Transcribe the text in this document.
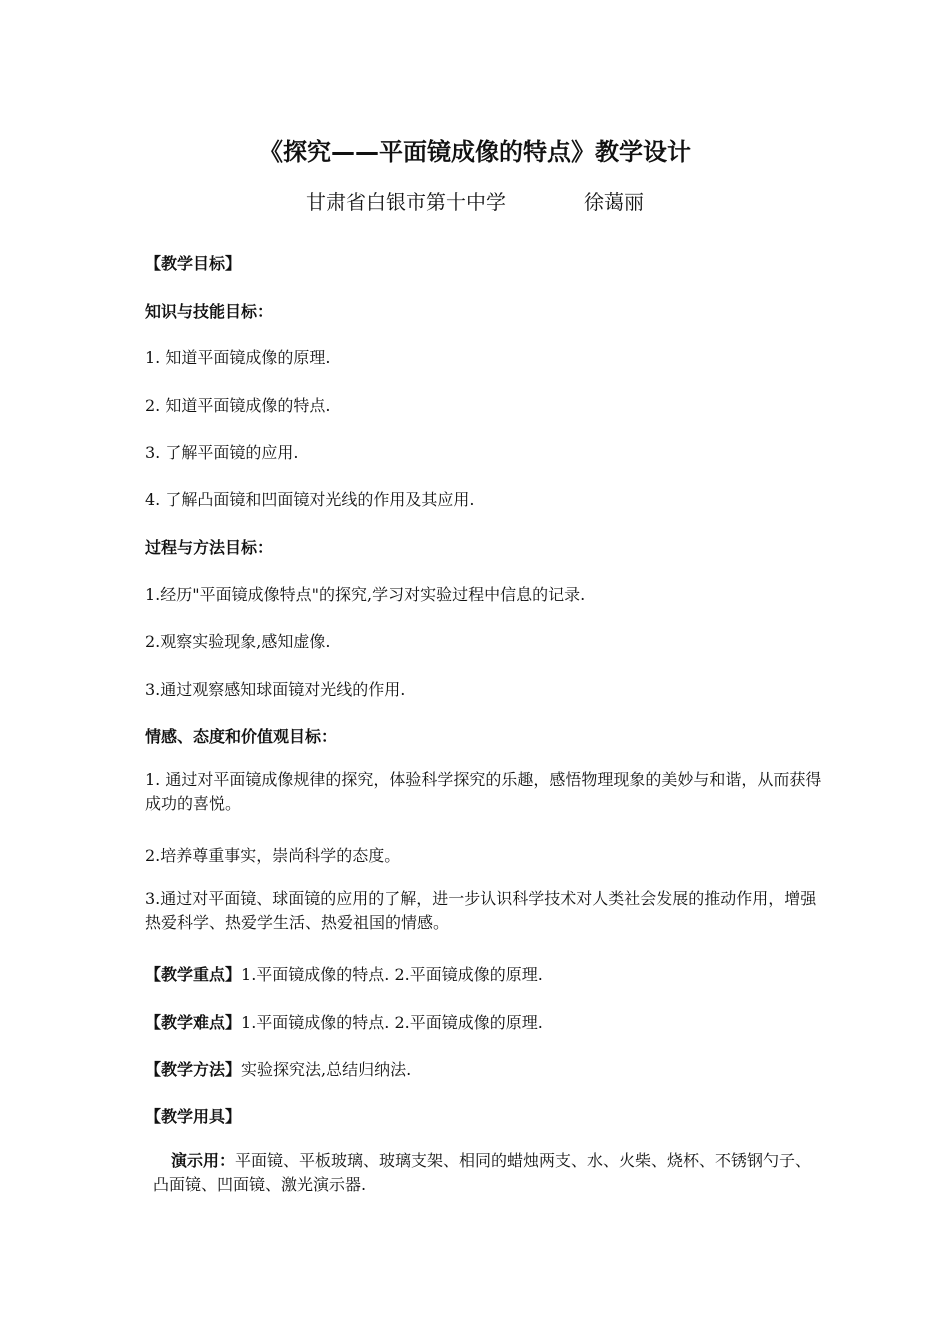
《探究——平面镜成像的特点》教学设计
甘肃省白银市第十中学	徐蔼丽
【教学目标】
知识与技能目标：
1. 知道平面镜成像的原理.
2. 知道平面镜成像的特点.
3. 了解平面镜的应用.
4. 了解凸面镜和凹面镜对光线的作用及其应用.
过程与方法目标：
1.经历"平面镜成像特点"的探究,学习对实验过程中信息的记录.
2.观察实验现象,感知虚像.
3.通过观察感知球面镜对光线的作用.
情感、态度和价值观目标：
1. 通过对平面镜成像规律的探究，体验科学探究的乐趣，感悟物理现象的美妙与和谐，从而获得成功的喜悦。
2.培养尊重事实，崇尚科学的态度。
3.通过对平面镜、球面镜的应用的了解，进一步认识科学技术对人类社会发展的推动作用，增强热爱科学、热爱学生活、热爱祖国的情感。
【教学重点】1.平面镜成像的特点. 2.平面镜成像的原理.
【教学难点】1.平面镜成像的特点. 2.平面镜成像的原理.
【教学方法】实验探究法,总结归纳法.
【教学用具】
演示用：平面镜、平板玻璃、玻璃支架、相同的蜡烛两支、水、火柴、烧杯、不锈钢勺子、凸面镜、凹面镜、激光演示器.
